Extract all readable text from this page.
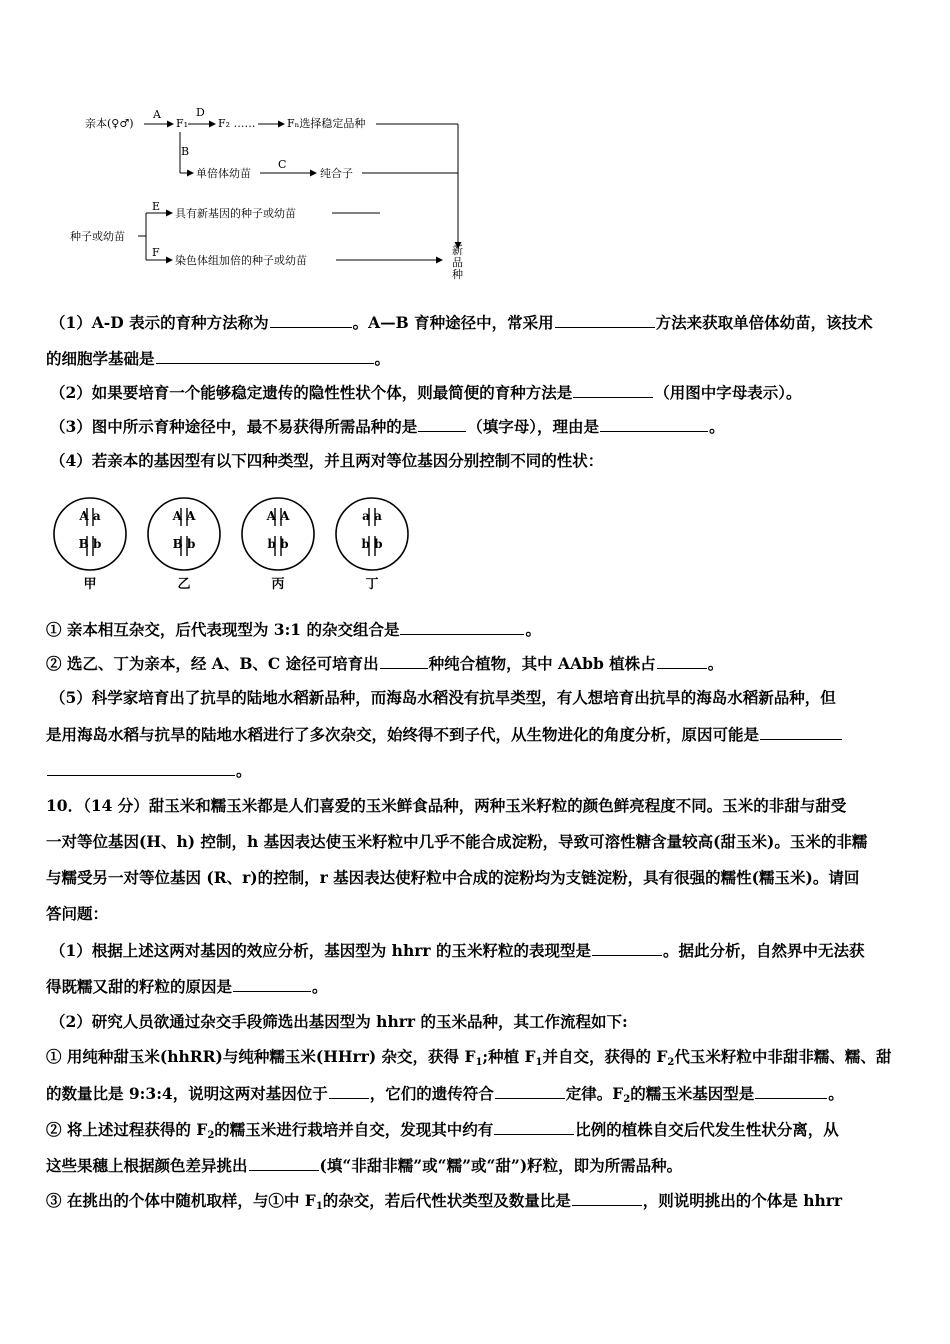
亲本(♀♂)
A
F₁
D
F₂ ……	Fₙ选择稳定品种
B
单倍体幼苗
C
纯合子
种子或幼苗
E
具有新基因的种子或幼苗
F
染色体组加倍的种子或幼苗
新
品
种
（1）A-D 表示的育种方法称为	。A—B 育种途径中，常采用	方法来获取单倍体幼苗，该技术
的细胞学基础是	。
（2）如果要培育一个能够稳定遗传的隐性性状个体，则最简便的育种方法是	（用图中字母表示）。
（3）图中所示育种途径中，最不易获得所需品种的是	（填字母），理由是	。
（4）若亲本的基因型有以下四种类型，并且两对等位基因分别控制不同的性状：
A a
B b
A A
B b
A A
b b
a a
b b
甲	乙	丙	丁
① 亲本相互杂交，后代表现型为 3:1 的杂交组合是	。
② 选乙、丁为亲本，经 A、B、C 途径可培育出	种纯合植物，其中 AAbb 植株占	。
（5）科学家培育出了抗旱的陆地水稻新品种，而海岛水稻没有抗旱类型，有人想培育出抗旱的海岛水稻新品种，但
是用海岛水稻与抗旱的陆地水稻进行了多次杂交，始终得不到子代，从生物进化的角度分析，原因可能是
。
10．（14 分）甜玉米和糯玉米都是人们喜爱的玉米鲜食品种，两种玉米籽粒的颜色鲜亮程度不同。玉米的非甜与甜受
一对等位基因(H、h) 控制，h 基因表达使玉米籽粒中几乎不能合成淀粉，导致可溶性糖含量较高(甜玉米)。玉米的非糯
与糯受另一对等位基因 (R、r)的控制，r 基因表达使籽粒中合成的淀粉均为支链淀粉，具有很强的糯性(糯玉米)。请回
答问题：
（1）根据上述这两对基因的效应分析，基因型为 hhrr 的玉米籽粒的表现型是	。据此分析，自然界中无法获
得既糯又甜的籽粒的原因是	。
（2）研究人员欲通过杂交手段筛选出基因型为 hhrr 的玉米品种，其工作流程如下:
① 用纯种甜玉米(hhRR)与纯种糯玉米(HHrr) 杂交，获得 $F_1$;种植 $F_1$并自交，获得的 $F_2$代玉米籽粒中非甜非糯、糯、甜
的数量比是 9:3:4，说明这两对基因位于	，它们的遗传符合	定律。$F_2$的糯玉米基因型是	。
② 将上述过程获得的 $F_2$的糯玉米进行栽培并自交，发现其中约有	比例的植株自交后代发生性状分离，从
这些果穗上根据颜色差异挑出	(填“非甜非糯”或“糯”或“甜”)籽粒，即为所需品种。
③ 在挑出的个体中随机取样，与①中 $F_1$的杂交，若后代性状类型及数量比是	，则说明挑出的个体是 hhrr
